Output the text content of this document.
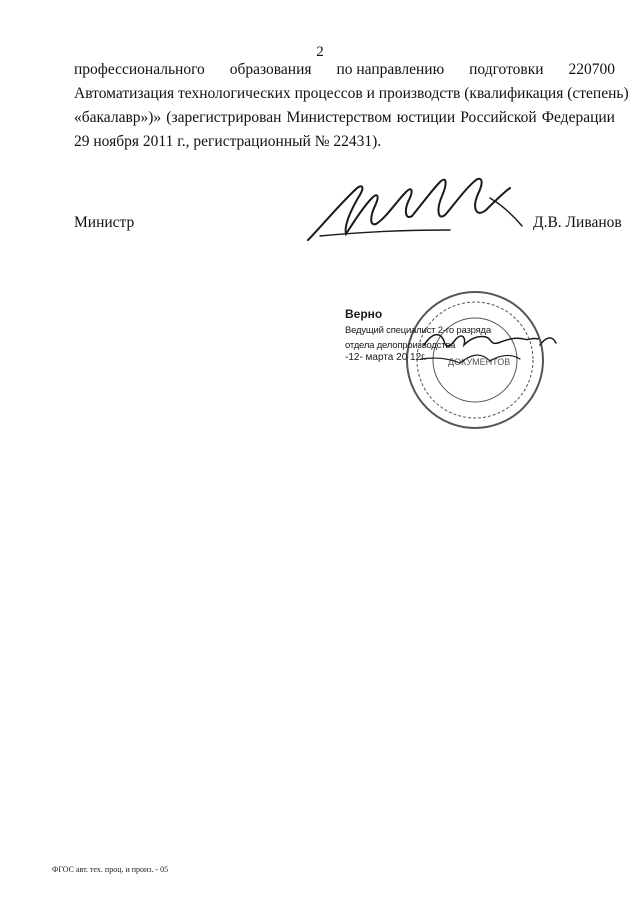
2
профессионального образования по направлению подготовки 220700
Автоматизация технологических процессов и производств (квалификация (степень)
«бакалавр»)» (зарегистрирован Министерством юстиции Российской Федерации
29 ноября 2011 г., регистрационный № 22431).
Министр	Д.В. Ливанов
ДОКУМЕНТОВ
Верно
Ведущий специалист 2-го разряда
отдела делопроизводства
-12- марта 20 12г.
ФГОС авт. тех. проц. и произ. - 05
